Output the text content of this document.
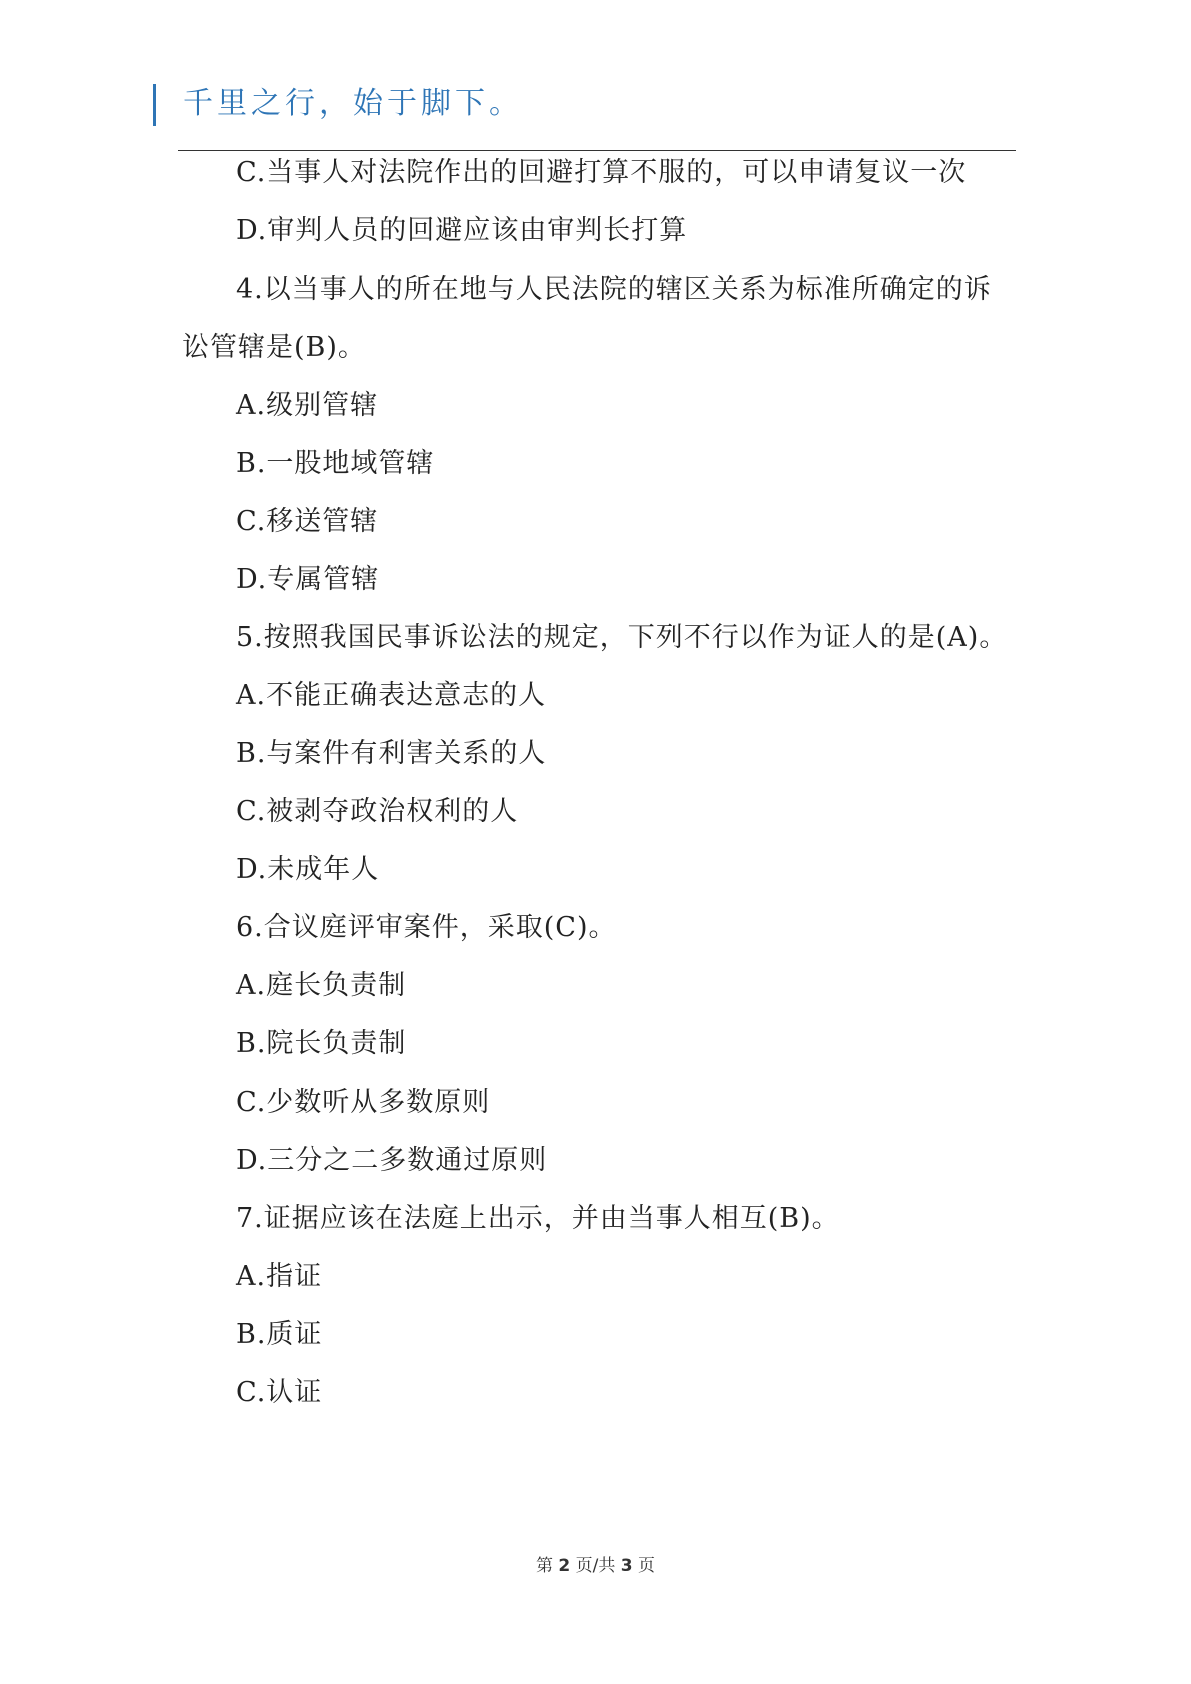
千里之行，始于脚下。
C.当事人对法院作出的回避打算不服的，可以申请复议一次
D.审判人员的回避应该由审判长打算
4.以当事人的所在地与人民法院的辖区关系为标准所确定的诉
讼管辖是(B)。
A.级别管辖
B.一股地域管辖
C.移送管辖
D.专属管辖
5.按照我国民事诉讼法的规定，下列不行以作为证人的是(A)。
A.不能正确表达意志的人
B.与案件有利害关系的人
C.被剥夺政治权利的人
D.未成年人
6.合议庭评审案件，采取(C)。
A.庭长负责制
B.院长负责制
C.少数听从多数原则
D.三分之二多数通过原则
7.证据应该在法庭上出示，并由当事人相互(B)。
A.指证
B.质证
C.认证
第 2 页/共 3 页
